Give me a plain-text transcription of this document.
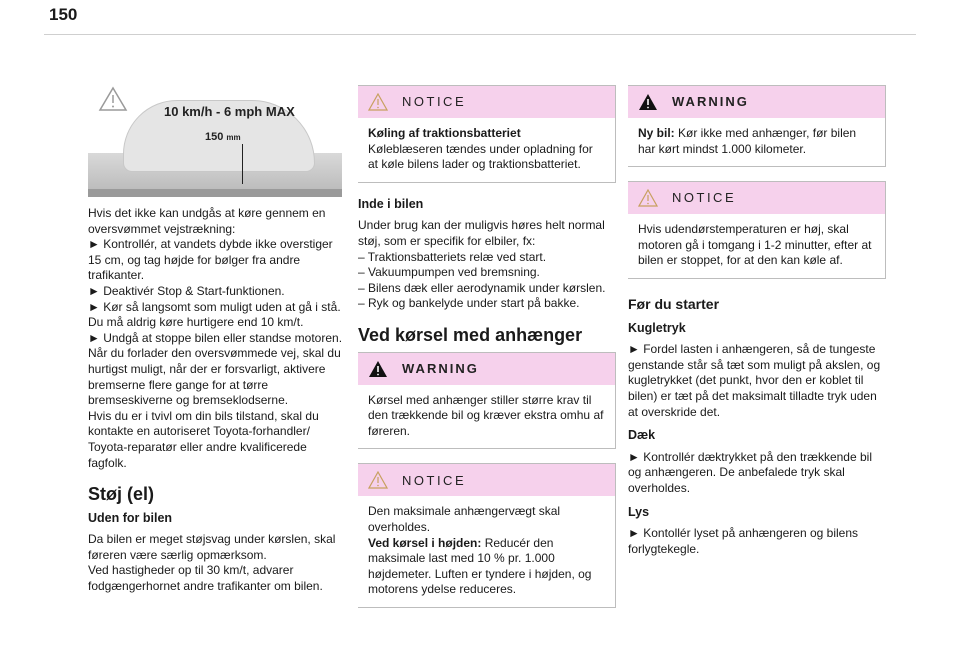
150
10 km/h - 6 mph MAX
150 mm

Hvis det ikke kan undgås at køre gennem en oversvømmet vejstrækning:
► Kontrollér, at vandets dybde ikke overstiger 15 cm, og tag højde for bølger fra andre trafikanter.
► Deaktivér Stop & Start-funktionen.
► Kør så langsomt som muligt uden at gå i stå. Du må aldrig køre hurtigere end 10 km/t.
► Undgå at stoppe bilen eller standse motoren.
Når du forlader den oversvømmede vej, skal du hurtigst muligt, når der er forsvarligt, aktivere bremserne flere gange for at tørre bremseskiverne og bremseklodserne.
Hvis du er i tvivl om din bils tilstand, skal du kontakte en autoriseret Toyota-forhandler/ Toyota-reparatør eller andre kvalificerede fagfolk.

Støj (el)
Uden for bilen

Da bilen er meget støjsvag under kørslen, skal føreren være særlig opmærksom.
Ved hastigheder op til 30 km/t, advarer fodgængerhornet andre trafikanter om bilen.

NOTICE
Køling af traktionsbatteriet
Køleblæseren tændes under opladning for at køle bilens lader og traktionsbatteriet.
Inde i bilen

Under brug kan der muligvis høres helt normal støj, som er specifik for elbiler, fx:
– Traktionsbatteriets relæ ved start.
– Vakuumpumpen ved bremsning.
– Bilens dæk eller aerodynamik under kørslen.
– Ryk og bankelyde under start på bakke.

Ved kørsel med anhænger
WARNING
Kørsel med anhænger stiller større krav til den trækkende bil og kræver ekstra omhu af føreren.
NOTICE
Den maksimale anhængervægt skal overholdes.
Ved kørsel i højden: Reducér den maksimale last med 10 % pr. 1.000 højdemeter. Luften er tyndere i højden, og motorens ydelse reduceres.
WARNING
Ny bil: Kør ikke med anhænger, før bilen har kørt mindst 1.000 kilometer.
NOTICE
Hvis udendørstemperaturen er høj, skal motoren gå i tomgang i 1-2 minutter, efter at bilen er stoppet, for at den kan køle af.
Før du starter
Kugletryk

► Fordel lasten i anhængeren, så de tungeste genstande står så tæt som muligt på akslen, og kugletrykket (det punkt, hvor den er koblet til bilen) er tæt på det maksimalt tilladte tryk uden at overskride det.

Dæk

► Kontrollér dæktrykket på den trækkende bil og anhængeren. De anbefalede tryk skal overholdes.

Lys

► Kontollér lyset på anhængeren og bilens forlygtekegle.
